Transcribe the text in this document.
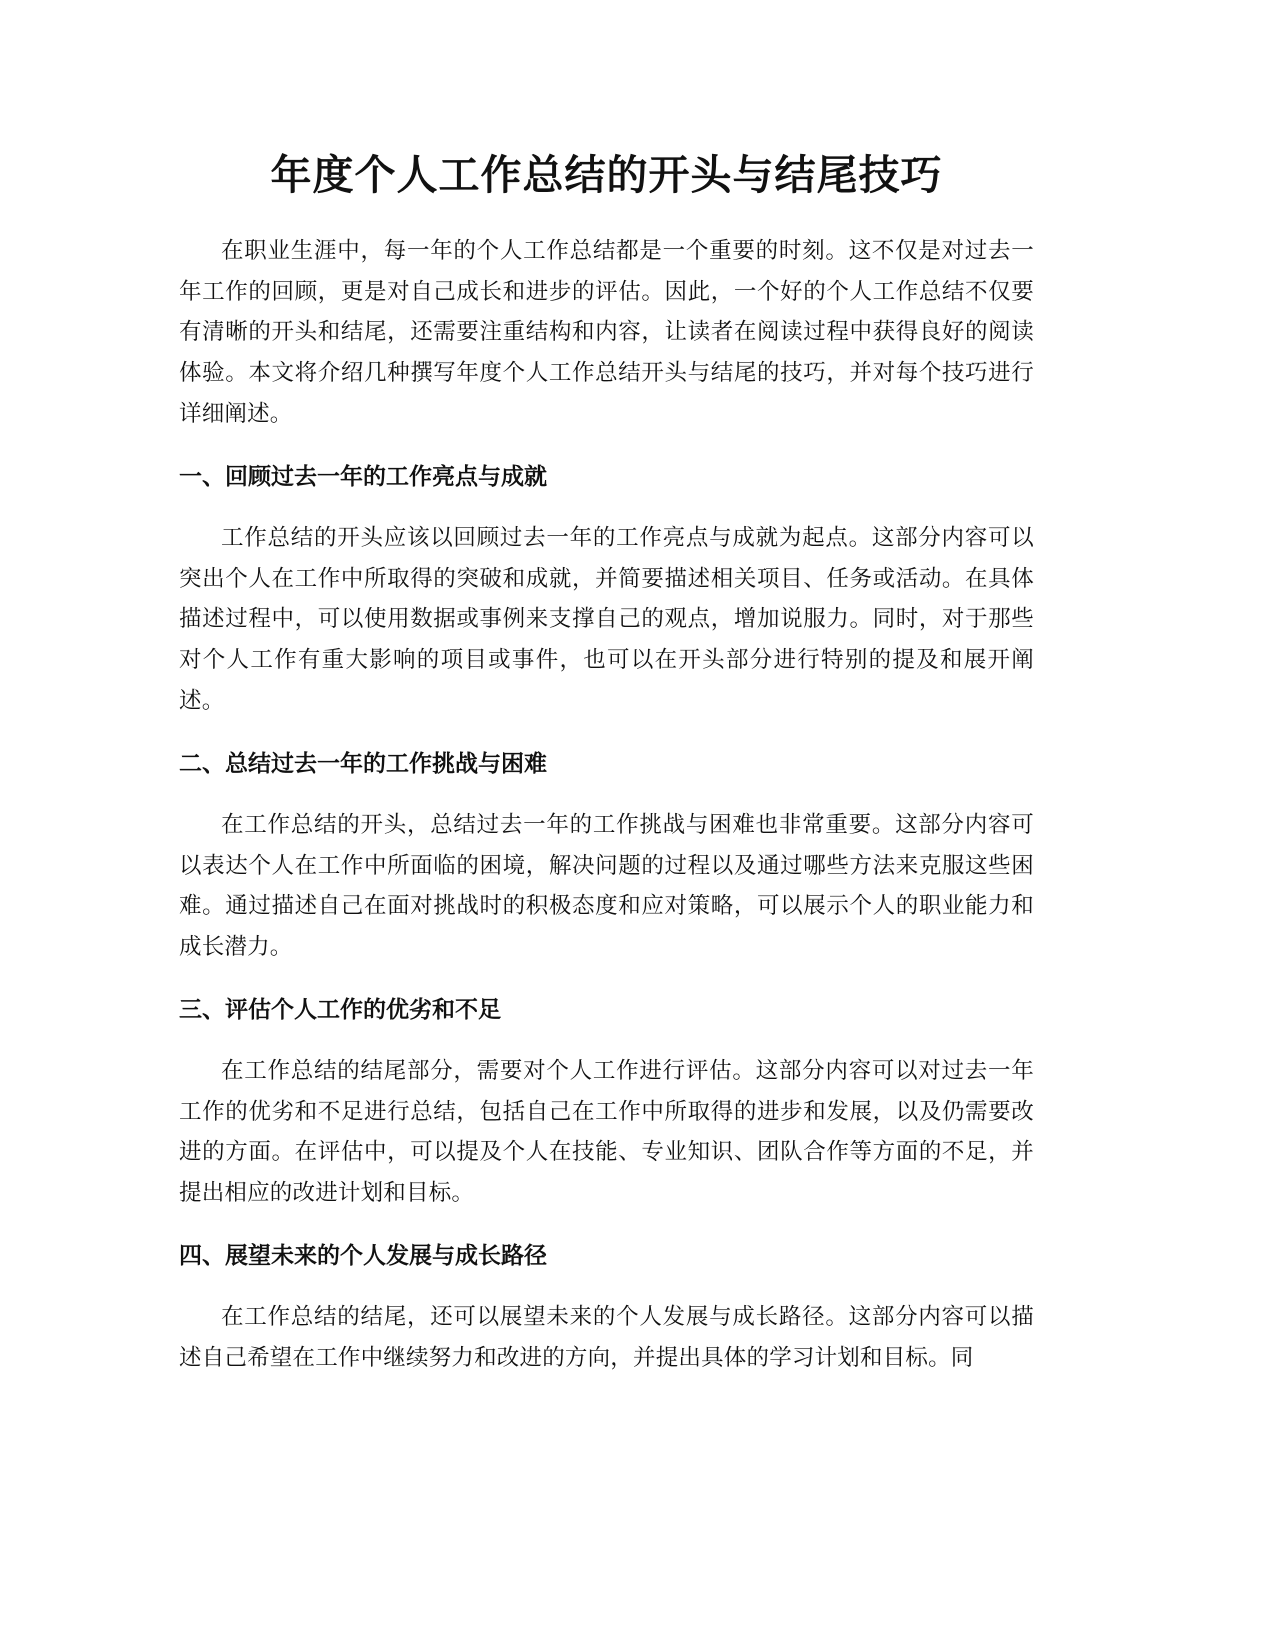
年度个人工作总结的开头与结尾技巧

在职业生涯中，每一年的个人工作总结都是一个重要的时刻。这不仅是对过去一年工作的回顾，更是对自己成长和进步的评估。因此，一个好的个人工作总结不仅要有清晰的开头和结尾，还需要注重结构和内容，让读者在阅读过程中获得良好的阅读体验。本文将介绍几种撰写年度个人工作总结开头与结尾的技巧，并对每个技巧进行详细阐述。

一、回顾过去一年的工作亮点与成就

工作总结的开头应该以回顾过去一年的工作亮点与成就为起点。这部分内容可以突出个人在工作中所取得的突破和成就，并简要描述相关项目、任务或活动。在具体描述过程中，可以使用数据或事例来支撑自己的观点，增加说服力。同时，对于那些对个人工作有重大影响的项目或事件，也可以在开头部分进行特别的提及和展开阐述。

二、总结过去一年的工作挑战与困难

在工作总结的开头，总结过去一年的工作挑战与困难也非常重要。这部分内容可以表达个人在工作中所面临的困境，解决问题的过程以及通过哪些方法来克服这些困难。通过描述自己在面对挑战时的积极态度和应对策略，可以展示个人的职业能力和成长潜力。

三、评估个人工作的优劣和不足

在工作总结的结尾部分，需要对个人工作进行评估。这部分内容可以对过去一年工作的优劣和不足进行总结，包括自己在工作中所取得的进步和发展，以及仍需要改进的方面。在评估中，可以提及个人在技能、专业知识、团队合作等方面的不足，并提出相应的改进计划和目标。

四、展望未来的个人发展与成长路径

在工作总结的结尾，还可以展望未来的个人发展与成长路径。这部分内容可以描述自己希望在工作中继续努力和改进的方向，并提出具体的学习计划和目标。同
